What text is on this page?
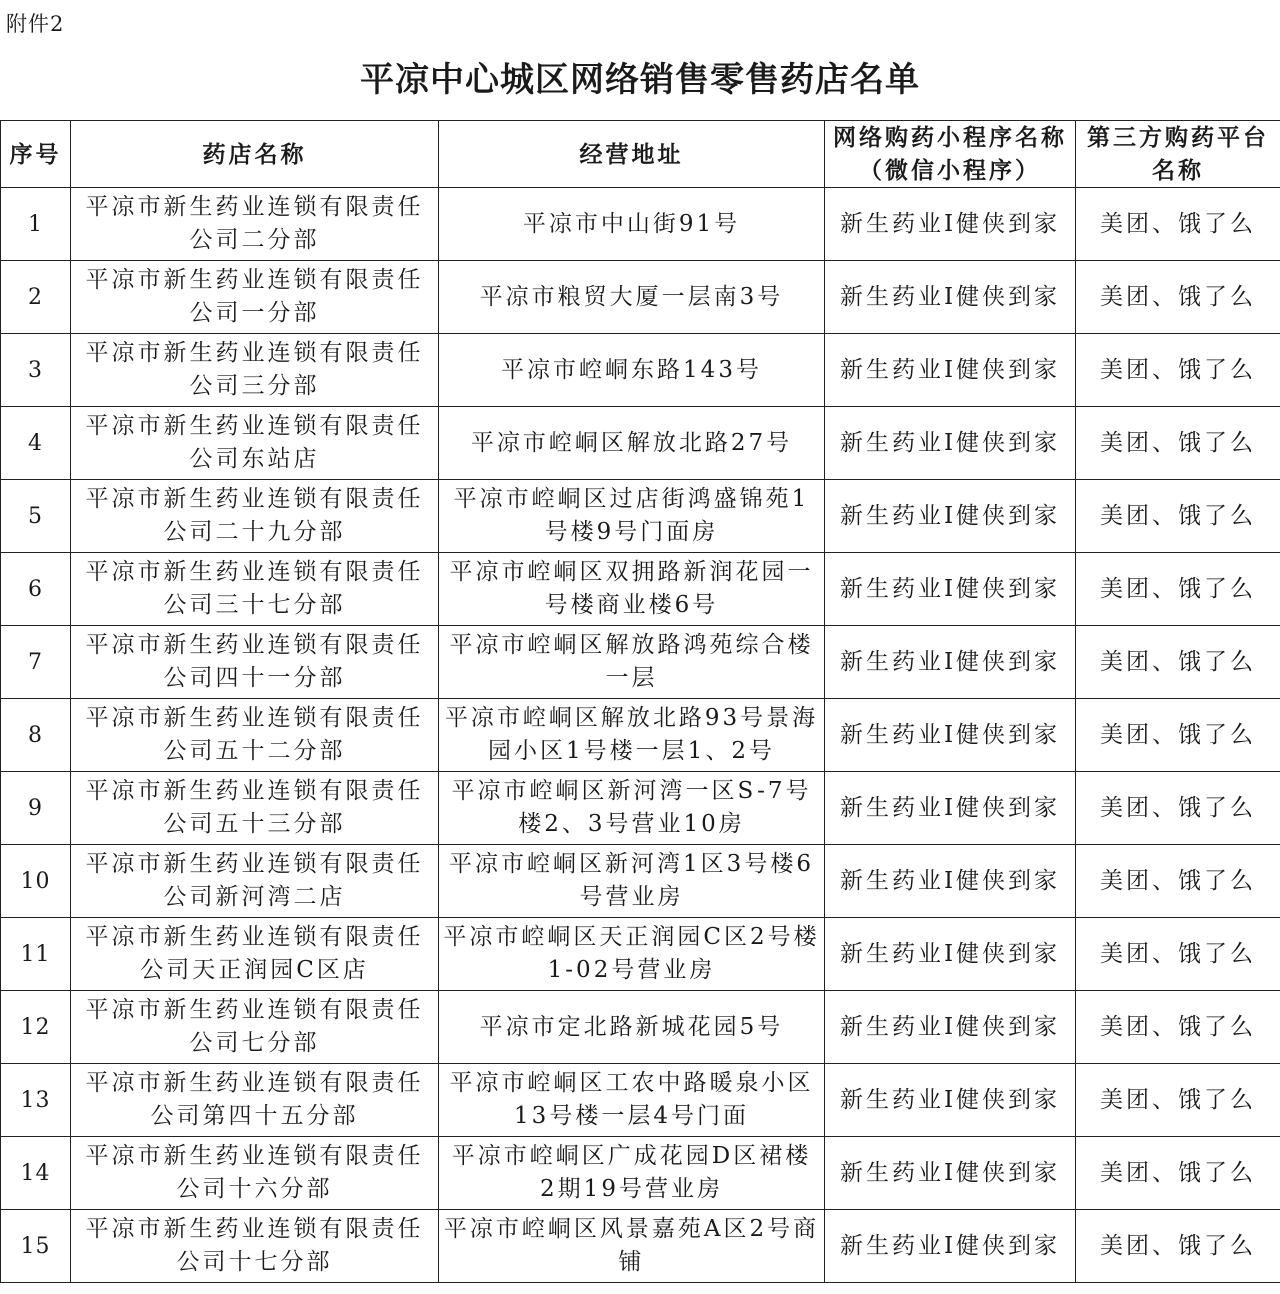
附件2
平凉中心城区网络销售零售药店名单
序号	药店名称	经营地址	网络购药小程序名称（微信小程序）	第三方购药平台名称
1	平凉市新生药业连锁有限责任公司二分部	平凉市中山街91号	新生药业I健侠到家	美团、饿了么
2	平凉市新生药业连锁有限责任公司一分部	平凉市粮贸大厦一层南3号	新生药业I健侠到家	美团、饿了么
3	平凉市新生药业连锁有限责任公司三分部	平凉市崆峒东路143号	新生药业I健侠到家	美团、饿了么
4	平凉市新生药业连锁有限责任公司东站店	平凉市崆峒区解放北路27号	新生药业I健侠到家	美团、饿了么
5	平凉市新生药业连锁有限责任公司二十九分部	平凉市崆峒区过店街鸿盛锦苑1号楼9号门面房	新生药业I健侠到家	美团、饿了么
6	平凉市新生药业连锁有限责任公司三十七分部	平凉市崆峒区双拥路新润花园一号楼商业楼6号	新生药业I健侠到家	美团、饿了么
7	平凉市新生药业连锁有限责任公司四十一分部	平凉市崆峒区解放路鸿苑综合楼一层	新生药业I健侠到家	美团、饿了么
8	平凉市新生药业连锁有限责任公司五十二分部	平凉市崆峒区解放北路93号景海园小区1号楼一层1、2号	新生药业I健侠到家	美团、饿了么
9	平凉市新生药业连锁有限责任公司五十三分部	平凉市崆峒区新河湾一区S-7号楼2、3号营业10房	新生药业I健侠到家	美团、饿了么
10	平凉市新生药业连锁有限责任公司新河湾二店	平凉市崆峒区新河湾1区3号楼6号营业房	新生药业I健侠到家	美团、饿了么
11	平凉市新生药业连锁有限责任公司天正润园C区店	平凉市崆峒区天正润园C区2号楼1-02号营业房	新生药业I健侠到家	美团、饿了么
12	平凉市新生药业连锁有限责任公司七分部	平凉市定北路新城花园5号	新生药业I健侠到家	美团、饿了么
13	平凉市新生药业连锁有限责任公司第四十五分部	平凉市崆峒区工农中路暖泉小区13号楼一层4号门面	新生药业I健侠到家	美团、饿了么
14	平凉市新生药业连锁有限责任公司十六分部	平凉市崆峒区广成花园D区裙楼2期19号营业房	新生药业I健侠到家	美团、饿了么
15	平凉市新生药业连锁有限责任公司十七分部	平凉市崆峒区风景嘉苑A区2号商铺	新生药业I健侠到家	美团、饿了么
